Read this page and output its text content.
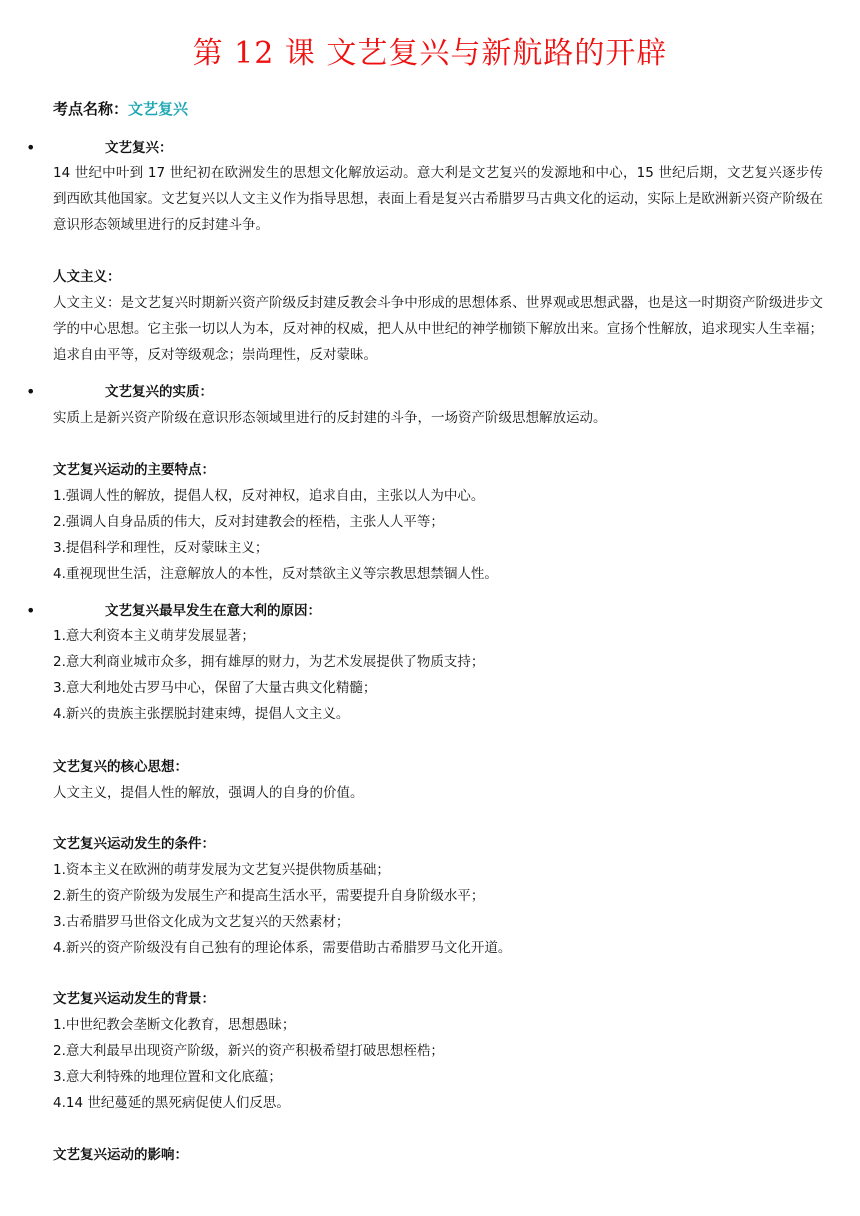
第 12 课 文艺复兴与新航路的开辟
考点名称：文艺复兴
•	文艺复兴：
14 世纪中叶到 17 世纪初在欧洲发生的思想文化解放运动。意大利是文艺复兴的发源地和中心，15 世纪后期，文艺复兴逐步传到西欧其他国家。文艺复兴以人文主义作为指导思想，表面上看是复兴古希腊罗马古典文化的运动，实际上是欧洲新兴资产阶级在意识形态领域里进行的反封建斗争。
人文主义：
人文主义：是文艺复兴时期新兴资产阶级反封建反教会斗争中形成的思想体系、世界观或思想武器，也是这一时期资产阶级进步文学的中心思想。它主张一切以人为本，反对神的权威，把人从中世纪的神学枷锁下解放出来。宣扬个性解放，追求现实人生幸福；追求自由平等，反对等级观念；崇尚理性，反对蒙昧。
•	文艺复兴的实质：
实质上是新兴资产阶级在意识形态领域里进行的反封建的斗争，一场资产阶级思想解放运动。
文艺复兴运动的主要特点：
1.强调人性的解放，提倡人权，反对神权，追求自由，主张以人为中心。
2.强调人自身品质的伟大，反对封建教会的桎梏，主张人人平等；
3.提倡科学和理性，反对蒙昧主义；
4.重视现世生活，注意解放人的本性，反对禁欲主义等宗教思想禁锢人性。
•	文艺复兴最早发生在意大利的原因：
1.意大利资本主义萌芽发展显著；
2.意大利商业城市众多，拥有雄厚的财力，为艺术发展提供了物质支持；
3.意大利地处古罗马中心，保留了大量古典文化精髓；
4.新兴的贵族主张摆脱封建束缚，提倡人文主义。
文艺复兴的核心思想：
人文主义，提倡人性的解放，强调人的自身的价值。
文艺复兴运动发生的条件：
1.资本主义在欧洲的萌芽发展为文艺复兴提供物质基础；
2.新生的资产阶级为发展生产和提高生活水平，需要提升自身阶级水平；
3.古希腊罗马世俗文化成为文艺复兴的天然素材；
4.新兴的资产阶级没有自己独有的理论体系，需要借助古希腊罗马文化开道。
文艺复兴运动发生的背景：
1.中世纪教会垄断文化教育，思想愚昧；
2.意大利最早出现资产阶级，新兴的资产积极希望打破思想桎梏；
3.意大利特殊的地理位置和文化底蕴；
4.14 世纪蔓延的黑死病促使人们反思。
文艺复兴运动的影响：
